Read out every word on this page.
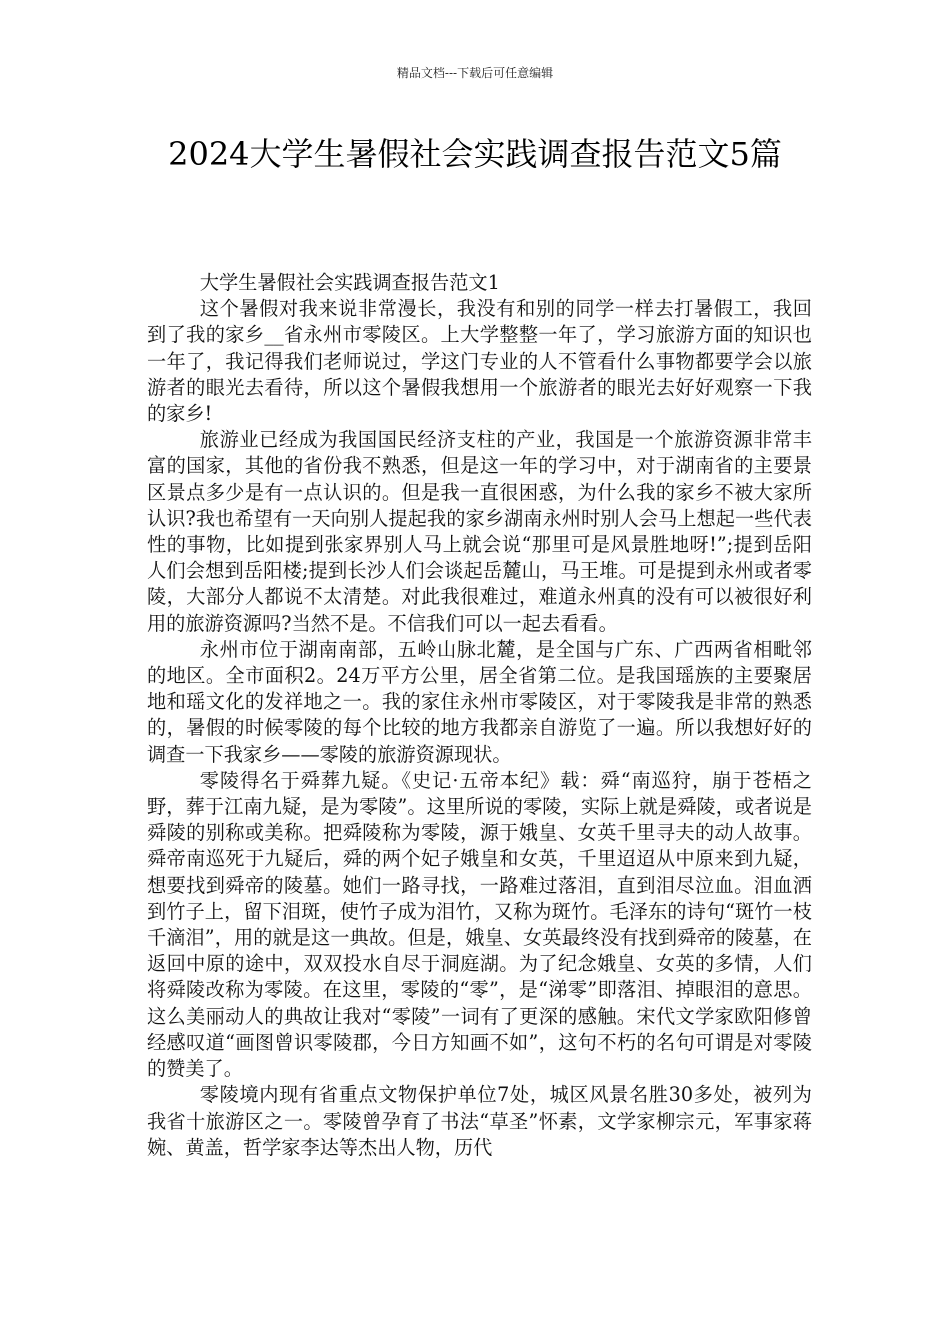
精品文档---下载后可任意编辑
2024大学生暑假社会实践调查报告范文5篇

大学生暑假社会实践调查报告范文1

这个暑假对我来说非常漫长，我没有和别的同学一样去打暑假工，我回到了我的家乡__省永州市零陵区。上大学整整一年了，学习旅游方面的知识也一年了，我记得我们老师说过，学这门专业的人不管看什么事物都要学会以旅游者的眼光去看待，所以这个暑假我想用一个旅游者的眼光去好好观察一下我的家乡!

旅游业已经成为我国国民经济支柱的产业，我国是一个旅游资源非常丰富的国家，其他的省份我不熟悉，但是这一年的学习中，对于湖南省的主要景区景点多少是有一点认识的。但是我一直很困惑，为什么我的家乡不被大家所认识?我也希望有一天向别人提起我的家乡湖南永州时别人会马上想起一些代表性的事物，比如提到张家界别人马上就会说“那里可是风景胜地呀!”;提到岳阳人们会想到岳阳楼;提到长沙人们会谈起岳麓山，马王堆。可是提到永州或者零陵，大部分人都说不太清楚。对此我很难过，难道永州真的没有可以被很好利用的旅游资源吗?当然不是。不信我们可以一起去看看。

永州市位于湖南南部，五岭山脉北麓，是全国与广东、广西两省相毗邻的地区。全市面积2。24万平方公里，居全省第二位。是我国瑶族的主要聚居地和瑶文化的发祥地之一。我的家住永州市零陵区，对于零陵我是非常的熟悉的，暑假的时候零陵的每个比较的地方我都亲自游览了一遍。所以我想好好的调查一下我家乡——零陵的旅游资源现状。

零陵得名于舜葬九疑。《史记·五帝本纪》载：舜“南巡狩，崩于苍梧之野，葬于江南九疑，是为零陵”。这里所说的零陵，实际上就是舜陵，或者说是舜陵的别称或美称。把舜陵称为零陵，源于娥皇、女英千里寻夫的动人故事。舜帝南巡死于九疑后，舜的两个妃子娥皇和女英，千里迢迢从中原来到九疑，想要找到舜帝的陵墓。她们一路寻找，一路难过落泪，直到泪尽泣血。泪血洒到竹子上，留下泪斑，使竹子成为泪竹，又称为斑竹。毛泽东的诗句“斑竹一枝千滴泪”，用的就是这一典故。但是，娥皇、女英最终没有找到舜帝的陵墓，在返回中原的途中，双双投水自尽于洞庭湖。为了纪念娥皇、女英的多情，人们将舜陵改称为零陵。在这里，零陵的“零”，是“涕零”即落泪、掉眼泪的意思。这么美丽动人的典故让我对“零陵”一词有了更深的感触。宋代文学家欧阳修曾经感叹道“画图曾识零陵郡，今日方知画不如”，这句不朽的名句可谓是对零陵的赞美了。

零陵境内现有省重点文物保护单位7处，城区风景名胜30多处，被列为我省十旅游区之一。零陵曾孕育了书法“草圣”怀素，文学家柳宗元，军事家蒋婉、黄盖，哲学家李达等杰出人物，历代
